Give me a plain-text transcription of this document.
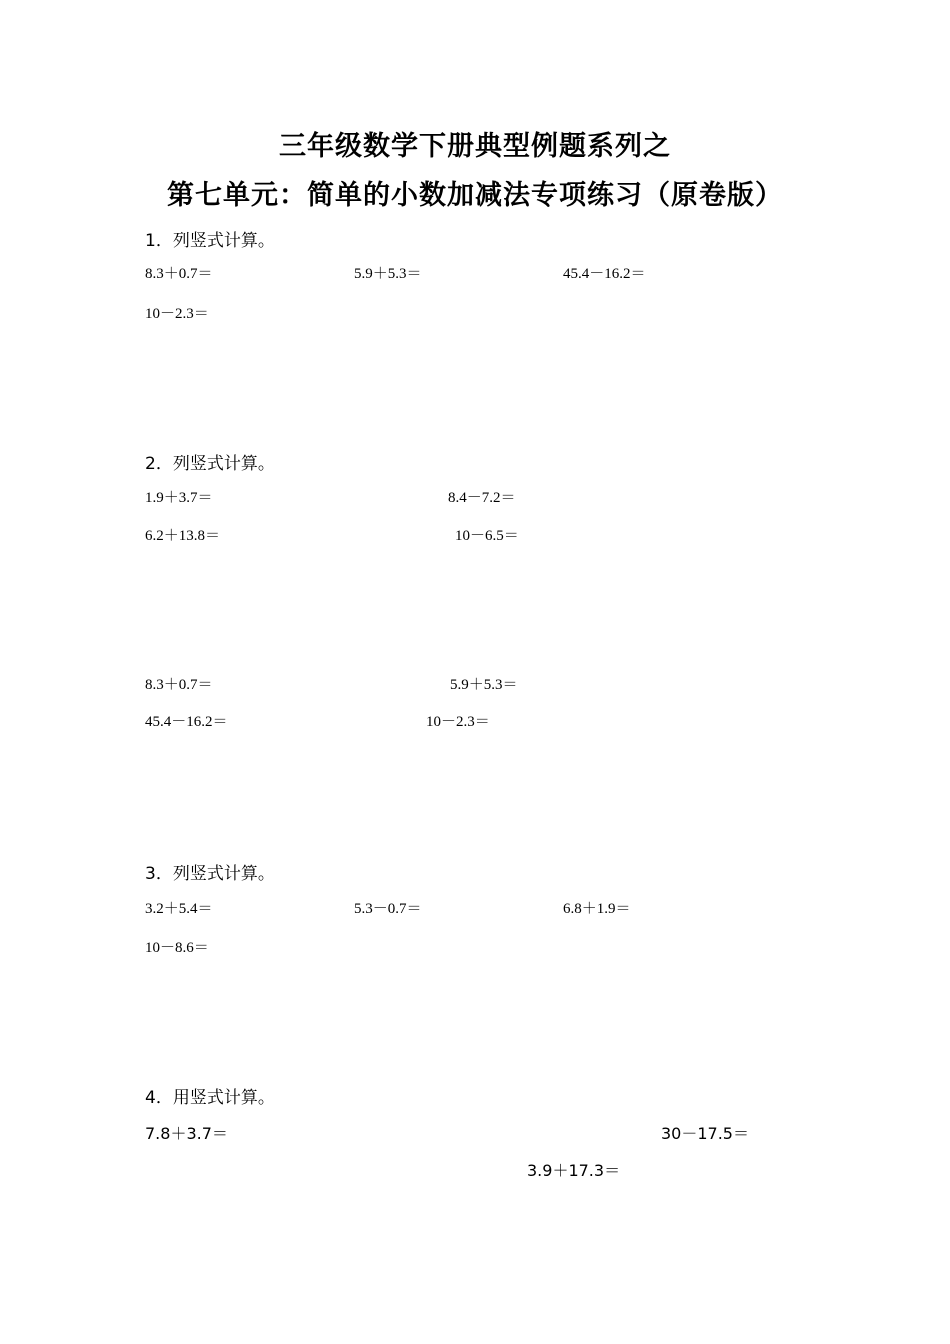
三年级数学下册典型例题系列之
第七单元：简单的小数加减法专项练习（原卷版）
1．列竖式计算。
8.3＋0.7＝	5.9＋5.3＝	45.4－16.2＝
10－2.3＝
2．列竖式计算。
1.9＋3.7＝	8.4－7.2＝
6.2＋13.8＝	10－6.5＝
8.3＋0.7＝	5.9＋5.3＝
45.4－16.2＝	10－2.3＝
3．列竖式计算。
3.2＋5.4＝	5.3－0.7＝	6.8＋1.9＝
10－8.6＝
4．用竖式计算。
7.8＋3.7＝	30－17.5＝
3.9＋17.3＝
